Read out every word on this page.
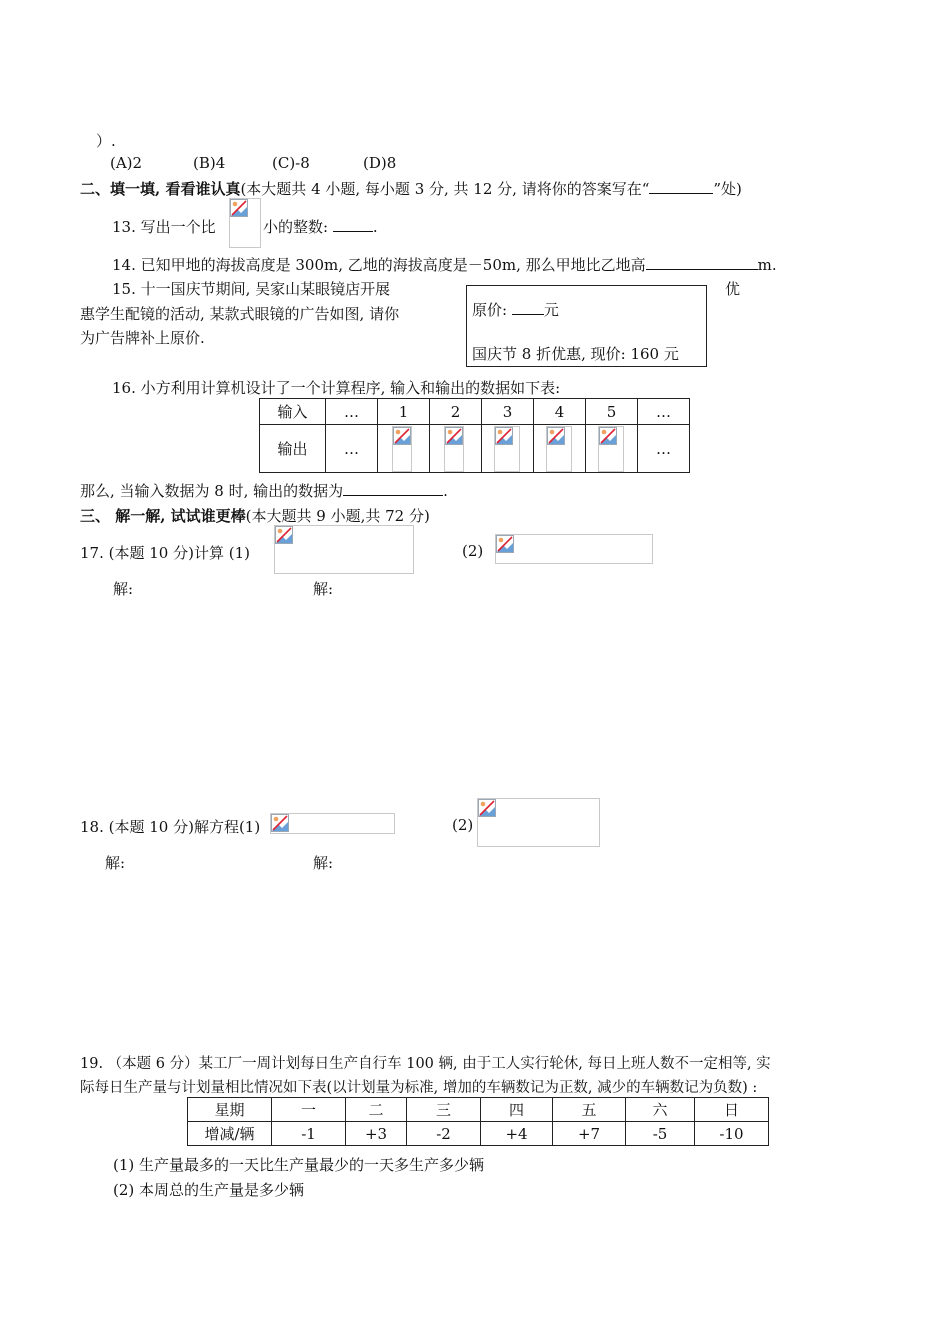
）.
(A)2	(B)4	(C)-8	(D)8
二、填一填, 看看谁认真(本大题共 4 小题, 每小题 3 分, 共 12 分, 请将你的答案写在“	”处)
13. 写出一个比	小的整数:	.
14. 已知甲地的海拔高度是 300m, 乙地的海拔高度是－50m, 那么甲地比乙地高	m.
15. 十一国庆节期间, 吴家山某眼镜店开展	优
惠学生配镜的活动, 某款式眼镜的广告如图, 请你
为广告牌补上原价.
原价: 元
国庆节 8 折优惠, 现价: 160 元
16. 小方利用计算机设计了一个计算程序, 输入和输出的数据如下表:
输入	…	1	2	3	4	5	…
输出	…						…
那么, 当输入数据为 8 时, 输出的数据为	.
三、 解一解, 试试谁更棒(本大题共 9 小题,共 72 分)
17. (本题 10 分)计算 (1)	(2)
解:	解:
18. (本题 10 分)解方程(1)	(2)
解:	解:
19. （本题 6 分）某工厂一周计划每日生产自行车 100 辆, 由于工人实行轮休, 每日上班人数不一定相等, 实
际每日生产量与计划量相比情况如下表(以计划量为标准, 增加的车辆数记为正数, 减少的车辆数记为负数) :
星期	一	二	三	四	五	六	日
增减/辆	-1	+3	-2	+4	+7	-5	-10
(1) 生产量最多的一天比生产量最少的一天多生产多少辆
(2) 本周总的生产量是多少辆
